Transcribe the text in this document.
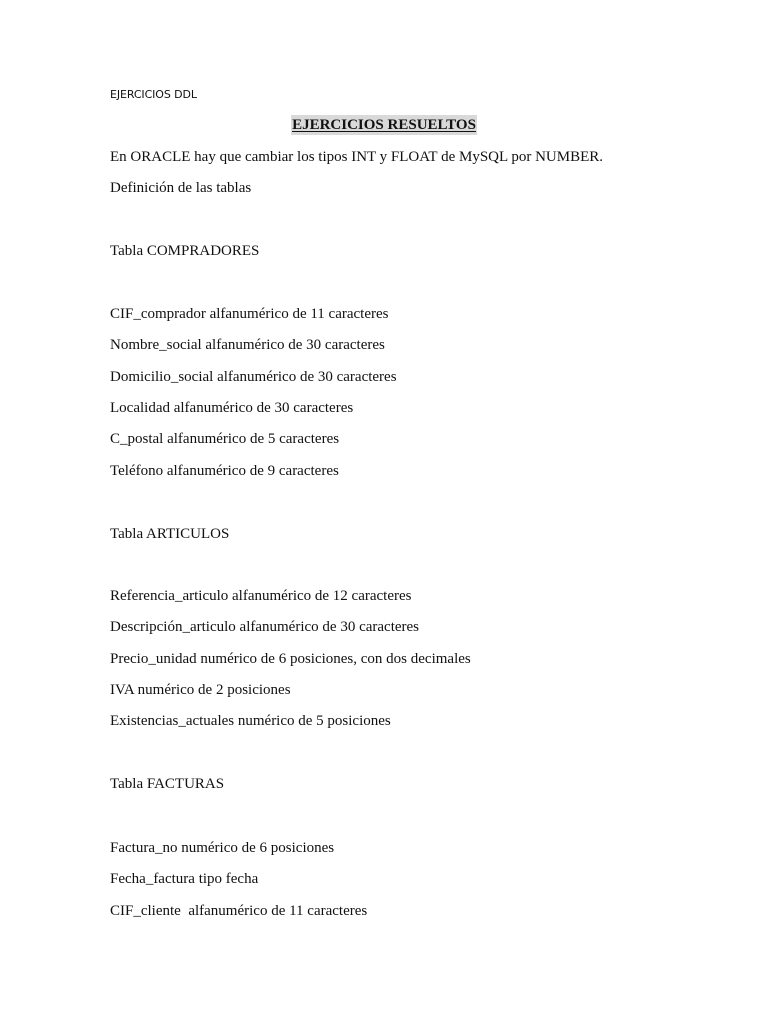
EJERCICIOS DDL
EJERCICIOS RESUELTOS
En ORACLE hay que cambiar los tipos INT y FLOAT de MySQL por NUMBER.
Definición de las tablas
Tabla COMPRADORES
CIF_comprador alfanumérico de 11 caracteres
Nombre_social alfanumérico de 30 caracteres
Domicilio_social alfanumérico de 30 caracteres
Localidad alfanumérico de 30 caracteres
C_postal alfanumérico de 5 caracteres
Teléfono alfanumérico de 9 caracteres
Tabla ARTICULOS
Referencia_articulo alfanumérico de 12 caracteres
Descripción_articulo alfanumérico de 30 caracteres
Precio_unidad numérico de 6 posiciones, con dos decimales
IVA numérico de 2 posiciones
Existencias_actuales numérico de 5 posiciones
Tabla FACTURAS
Factura_no numérico de 6 posiciones
Fecha_factura tipo fecha
CIF_cliente  alfanumérico de 11 caracteres
